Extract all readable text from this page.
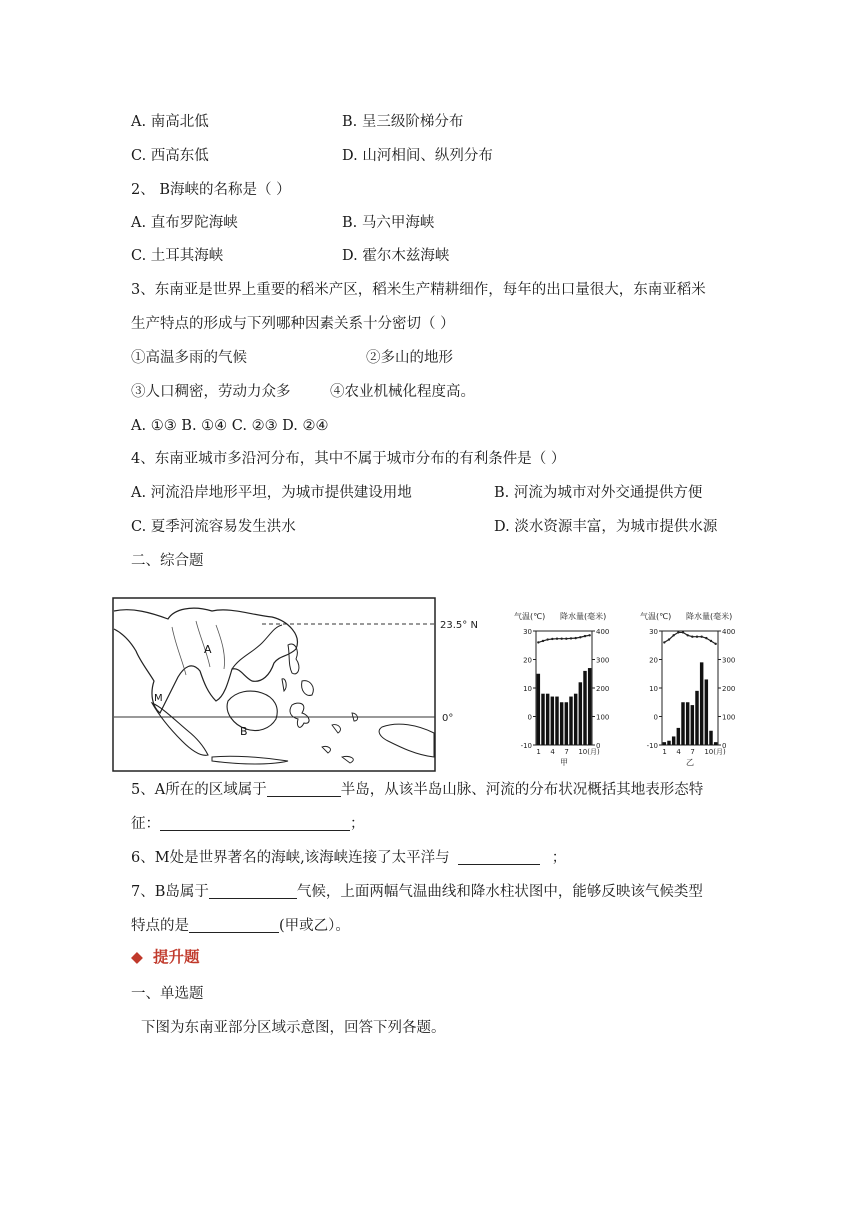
A. 南高北低	B. 呈三级阶梯分布
C. 西高东低	D. 山河相间、纵列分布
2、 B海峡的名称是（ ）
A. 直布罗陀海峡	B. 马六甲海峡
C. 土耳其海峡	D. 霍尔木兹海峡
3、东南亚是世界上重要的稻米产区，稻米生产精耕细作，每年的出口量很大，东南亚稻米
生产特点的形成与下列哪种因素关系十分密切（ ）
①高温多雨的气候	②多山的地形
③人口稠密，劳动力众多	④农业机械化程度高。
A. ①③ B. ①④ C. ②③ D. ②④
4、东南亚城市多沿河分布，其中不属于城市分布的有利条件是（ ）
A. 河流沿岸地形平坦，为城市提供建设用地	B. 河流为城市对外交通提供方便
C. 夏季河流容易发生洪水	D. 淡水资源丰富，为城市提供水源
二、综合题
23.5° N
0°
A
M
B
气温(℃) 降水量(毫米)
30
20
10
0
-10
400
300
200
100
0
1 4 7 10(月)
甲
气温(℃) 降水量(毫米)
30
20
10
0
-10
400
300
200
100
0
1 4 7 10(月)
乙
5、A所在的区域属于	半岛，从该半岛山脉、河流的分布状况概括其地表形态特
征：	；
6、M处是世界著名的海峡,该海峡连接了太平洋与	；
7、B岛属于	气候，上面两幅气温曲线和降水柱状图中，能够反映该气候类型
特点的是	(甲或乙）。
◆ 提升题
一、单选题
下图为东南亚部分区域示意图，回答下列各题。
